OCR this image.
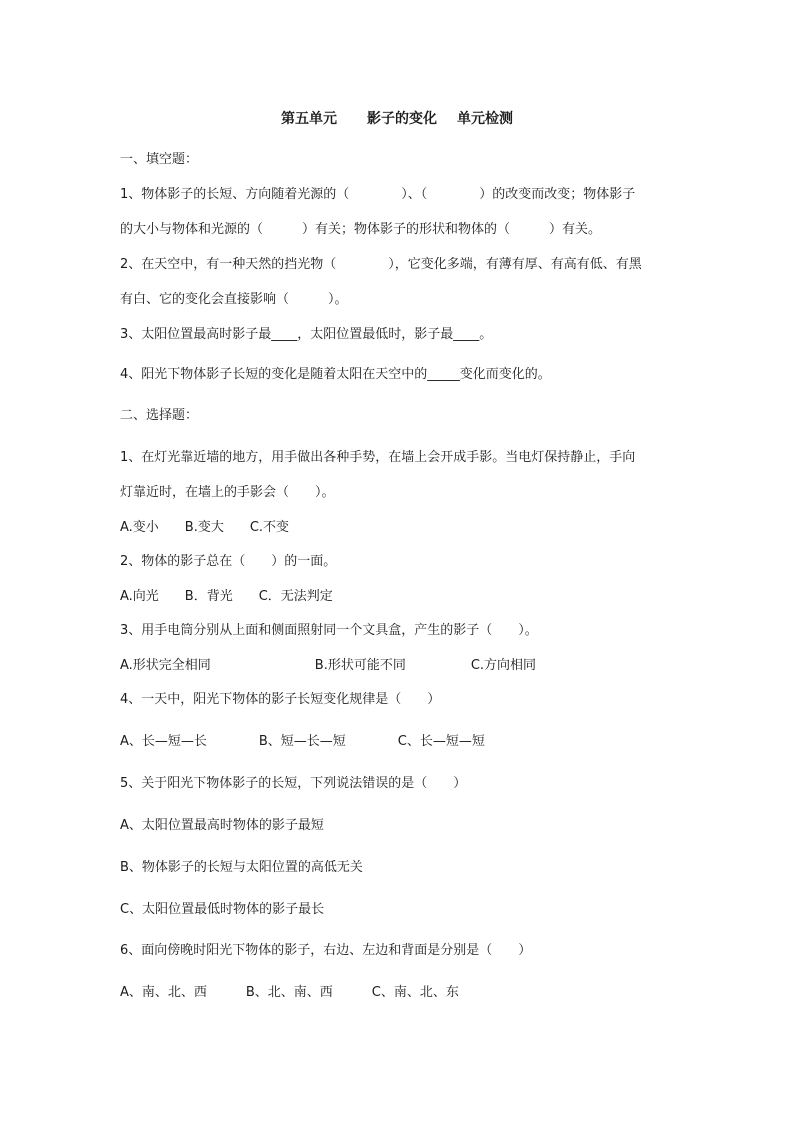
第五单元 影子的变化 单元检测
一、填空题：
1、物体影子的长短、方向随着光源的（　　　　）、（　　　　）的改变而改变；物体影子
的大小与物体和光源的（　　　）有关；物体影子的形状和物体的（　　　）有关。
2、在天空中，有一种天然的挡光物（　　　　），它变化多端，有薄有厚、有高有低、有黑
有白、它的变化会直接影响（　　　）。
3、太阳位置最高时影子最____，太阳位置最低时，影子最____。
4、阳光下物体影子长短的变化是随着太阳在天空中的_____变化而变化的。
二、选择题：
1、在灯光靠近墙的地方，用手做出各种手势，在墙上会开成手影。当电灯保持静止，手向
灯靠近时，在墙上的手影会（　　）。
A.变小　　B.变大　　C.不变
2、物体的影子总在（　　）的一面。
A.向光　　B．背光　　C．无法判定
3、用手电筒分别从上面和侧面照射同一个文具盒，产生的影子（　　）。
A.形状完全相同　　　　　　　　B.形状可能不同　　　　　C.方向相同
4、一天中，阳光下物体的影子长短变化规律是（　　）
A、长—短—长　　　　B、短—长—短　　　　C、长—短—短
5、关于阳光下物体影子的长短，下列说法错误的是（　　）
A、太阳位置最高时物体的影子最短
B、物体影子的长短与太阳位置的高低无关
C、太阳位置最低时物体的影子最长
6、面向傍晚时阳光下物体的影子，右边、左边和背面是分别是（　　）
A、南、北、西　　　B、北、南、西　　　C、南、北、东
